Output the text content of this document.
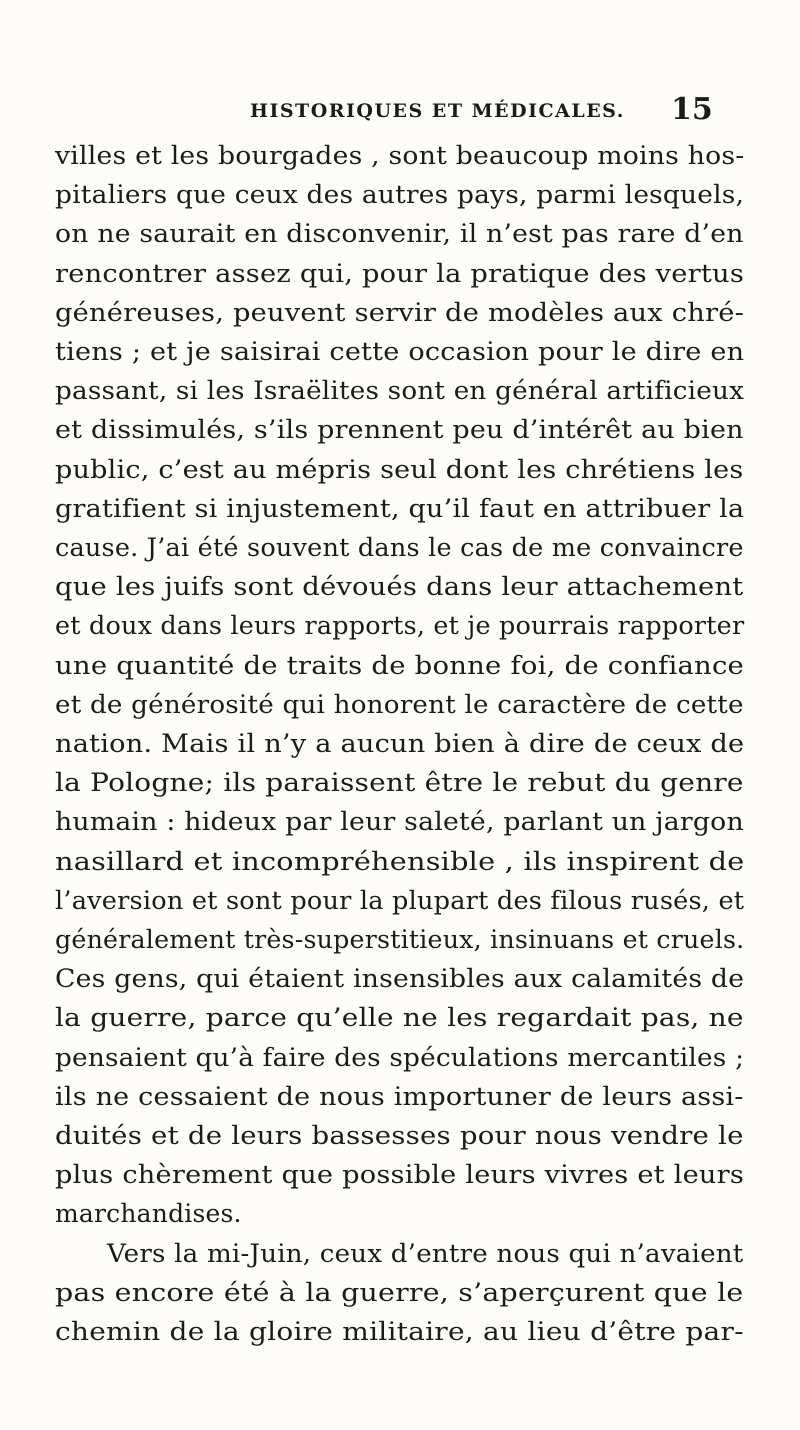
HISTORIQUES ET MÉDICALES. 15
villes et les bourgades , sont beaucoup moins hos-
pitaliers que ceux des autres pays, parmi lesquels,
on ne saurait en disconvenir, il n’est pas rare d’en
rencontrer assez qui, pour la pratique des vertus
généreuses, peuvent servir de modèles aux chré-
tiens ; et je saisirai cette occasion pour le dire en
passant, si les Israëlites sont en général artificieux
et dissimulés, s’ils prennent peu d’intérêt au bien
public, c’est au mépris seul dont les chrétiens les
gratifient si injustement, qu’il faut en attribuer la
cause. J’ai été souvent dans le cas de me convaincre
que les juifs sont dévoués dans leur attachement
et doux dans leurs rapports, et je pourrais rapporter
une quantité de traits de bonne foi, de confiance
et de générosité qui honorent le caractère de cette
nation. Mais il n’y a aucun bien à dire de ceux de
la Pologne; ils paraissent être le rebut du genre
humain : hideux par leur saleté, parlant un jargon
nasillard et incompréhensible , ils inspirent de
l’aversion et sont pour la plupart des filous rusés, et
généralement très-superstitieux, insinuans et cruels.
Ces gens, qui étaient insensibles aux calamités de
la guerre, parce qu’elle ne les regardait pas, ne
pensaient qu’à faire des spéculations mercantiles ;
ils ne cessaient de nous importuner de leurs assi-
duités et de leurs bassesses pour nous vendre le
plus chèrement que possible leurs vivres et leurs
marchandises.
Vers la mi-Juin, ceux d’entre nous qui n’avaient
pas encore été à la guerre, s’aperçurent que le
chemin de la gloire militaire, au lieu d’être par-
